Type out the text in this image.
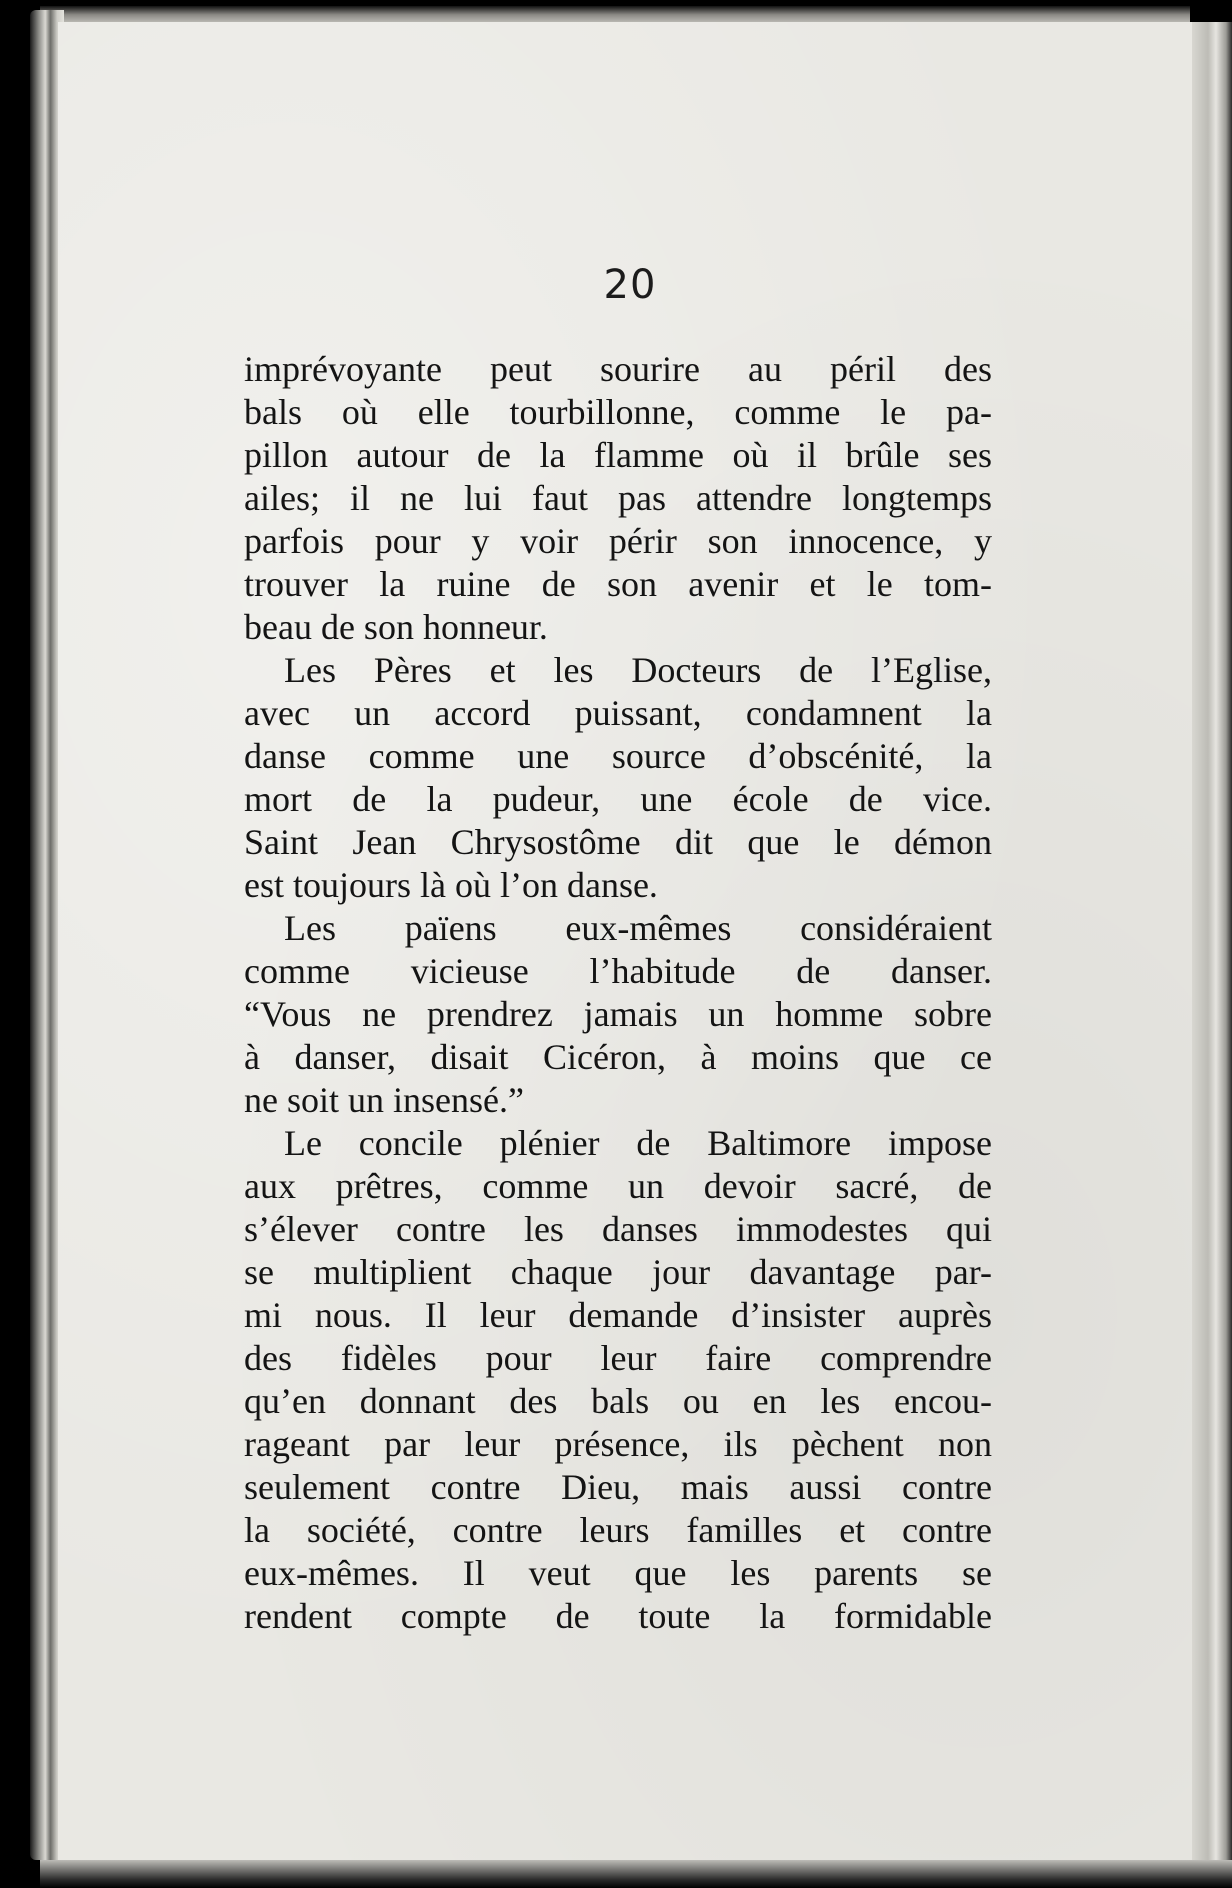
20
imprévoyante peut sourire au péril des
bals où elle tourbillonne, comme le pa-
pillon autour de la flamme où il brûle ses
ailes; il ne lui faut pas attendre longtemps
parfois pour y voir périr son innocence, y
trouver la ruine de son avenir et le tom-
beau de son honneur.
Les Pères et les Docteurs de l’Eglise,
avec un accord puissant, condamnent la
danse comme une source d’obscénité, la
mort de la pudeur, une école de vice.
Saint Jean Chrysostôme dit que le démon
est toujours là où l’on danse.
Les païens eux-mêmes considéraient
comme vicieuse l’habitude de danser.
“Vous ne prendrez jamais un homme sobre
à danser, disait Cicéron, à moins que ce
ne soit un insensé.”
Le concile plénier de Baltimore impose
aux prêtres, comme un devoir sacré, de
s’élever contre les danses immodestes qui
se multiplient chaque jour davantage par-
mi nous. Il leur demande d’insister auprès
des fidèles pour leur faire comprendre
qu’en donnant des bals ou en les encou-
rageant par leur présence, ils pèchent non
seulement contre Dieu, mais aussi contre
la société, contre leurs familles et contre
eux-mêmes. Il veut que les parents se
rendent compte de toute la formidable
